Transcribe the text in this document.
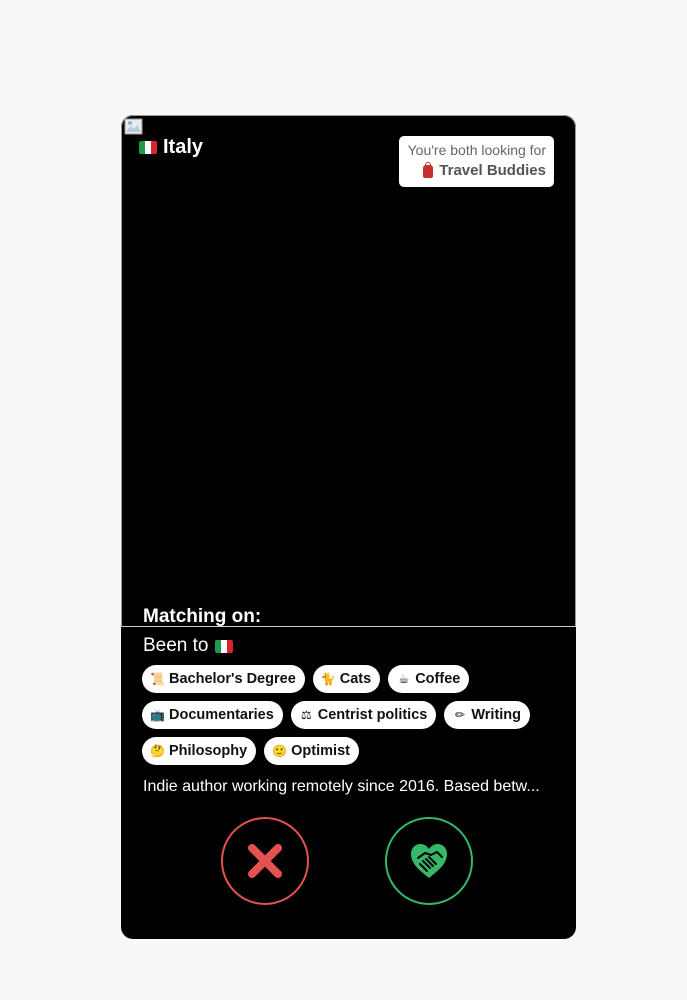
Italy	You're both looking for
Travel Buddies
Matching on:
Been to
📜 Bachelor's Degree 🐈 Cats ☕ Coffee
📺 Documentaries ⚖ Centrist politics ✏ Writing
🤔 Philosophy 🙂 Optimist
Indie author working remotely since 2016. Based betw...
